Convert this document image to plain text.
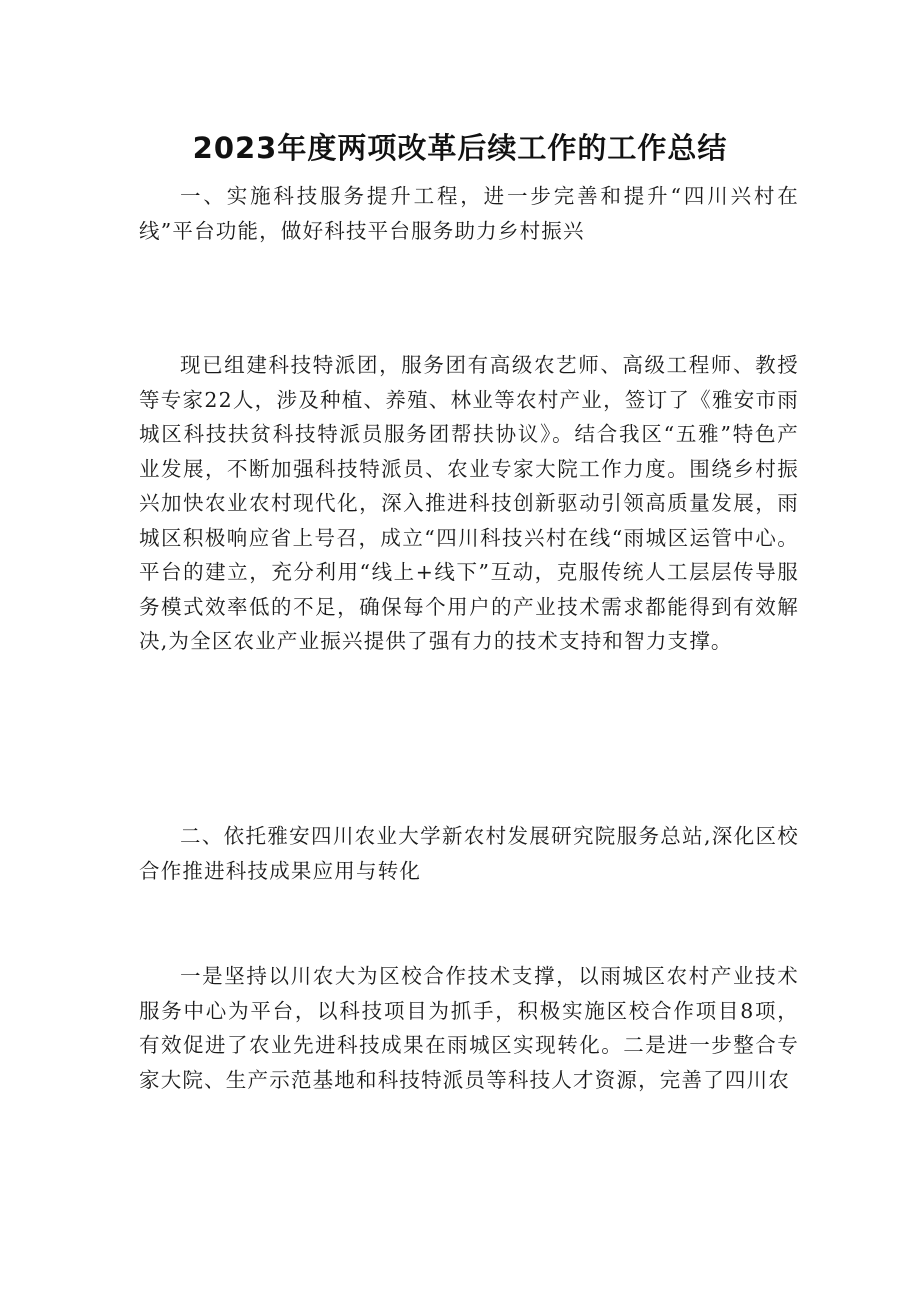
2023年度两项改革后续工作的工作总结

一、实施科技服务提升工程，进一步完善和提升“四川兴村在线”平台功能，做好科技平台服务助力乡村振兴

现已组建科技特派团，服务团有高级农艺师、高级工程师、教授等专家22人，涉及种植、养殖、林业等农村产业，签订了《雅安市雨城区科技扶贫科技特派员服务团帮扶协议》。结合我区“五雅”特色产业发展，不断加强科技特派员、农业专家大院工作力度。围绕乡村振兴加快农业农村现代化，深入推进科技创新驱动引领高质量发展，雨城区积极响应省上号召，成立“四川科技兴村在线“雨城区运管中心。平台的建立，充分利用“线上+线下”互动，克服传统人工层层传导服务模式效率低的不足，确保每个用户的产业技术需求都能得到有效解决,为全区农业产业振兴提供了强有力的技术支持和智力支撑。

二、依托雅安四川农业大学新农村发展研究院服务总站,深化区校合作推进科技成果应用与转化

一是坚持以川农大为区校合作技术支撑，以雨城区农村产业技术服务中心为平台，以科技项目为抓手，积极实施区校合作项目8项，有效促进了农业先进科技成果在雨城区实现转化。二是进一步整合专家大院、生产示范基地和科技特派员等科技人才资源，完善了四川农
